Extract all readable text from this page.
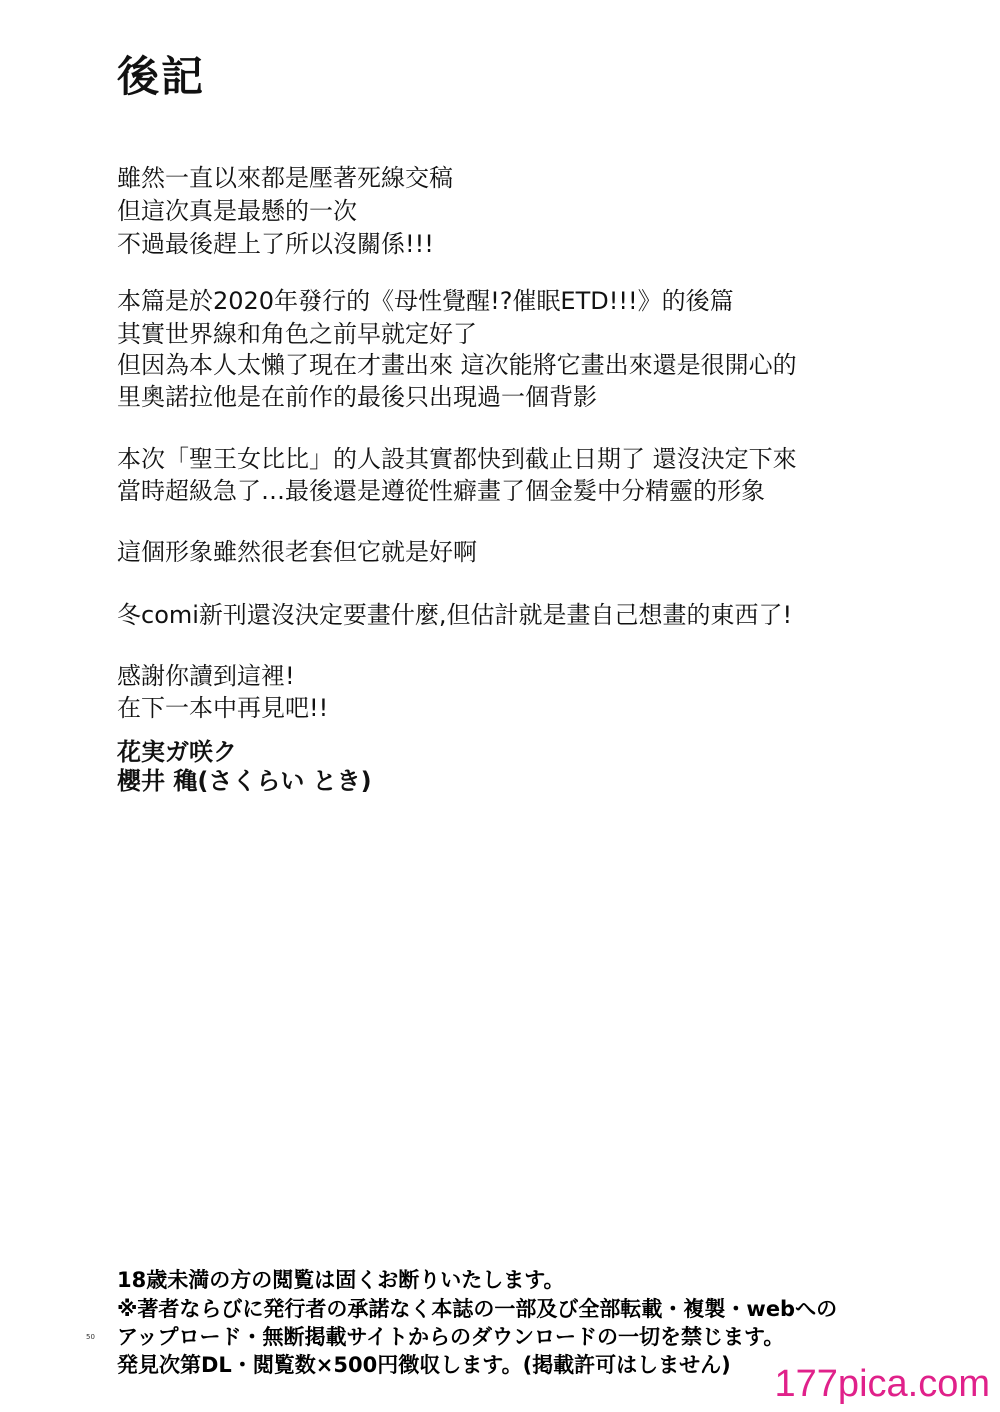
後記
雖然一直以來都是壓著死線交稿
但這次真是最懸的一次
不過最後趕上了所以沒關係!!!
本篇是於2020年發行的《母性覺醒!?催眠ETD!!!》的後篇
其實世界線和角色之前早就定好了
但因為本人太懶了現在才畫出來 這次能將它畫出來還是很開心的
里奧諾拉他是在前作的最後只出現過一個背影
本次「聖王女比比」的人設其實都快到截止日期了 還沒決定下來
當時超級急了…最後還是遵從性癖畫了個金髮中分精靈的形象
這個形象雖然很老套但它就是好啊
冬comi新刊還沒決定要畫什麼,但估計就是畫自己想畫的東西了!
感謝你讀到這裡!
在下一本中再見吧!!
花実ガ咲ク
櫻井 穐(さくらい とき)
18歳未満の方の閲覧は固くお断りいたします。
※著者ならびに発行者の承諾なく本誌の一部及び全部転載・複製・webへの
アップロード・無断掲載サイトからのダウンロードの一切を禁じます。
発見次第DL・閲覧数×500円徴収します。(掲載許可はしません)
50
177pica.com
